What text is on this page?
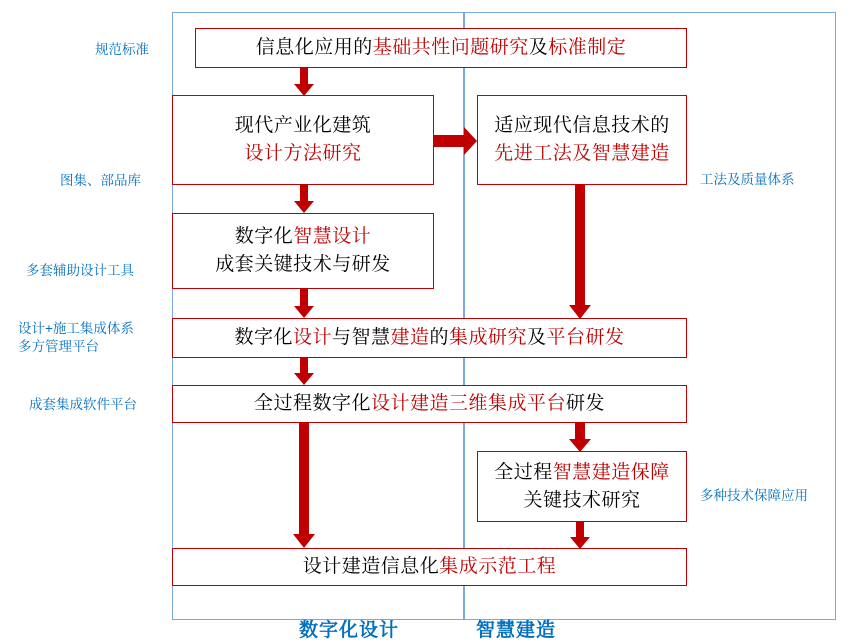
信息化应用的基础共性问题研究及标准制定
现代产业化建筑
设计方法研究
适应现代信息技术的
先进工法及智慧建造
数字化智慧设计
成套关键技术与研发
数字化设计与智慧建造的集成研究及平台研发
全过程数字化设计建造三维集成平台研发
全过程智慧建造保障
关键技术研究
设计建造信息化集成示范工程
规范标准
图集、部品库
多套辅助设计工具
设计+施工集成体系
多方管理平台
成套集成软件平台
工法及质量体系
多种技术保障应用
数字化设计	智慧建造
